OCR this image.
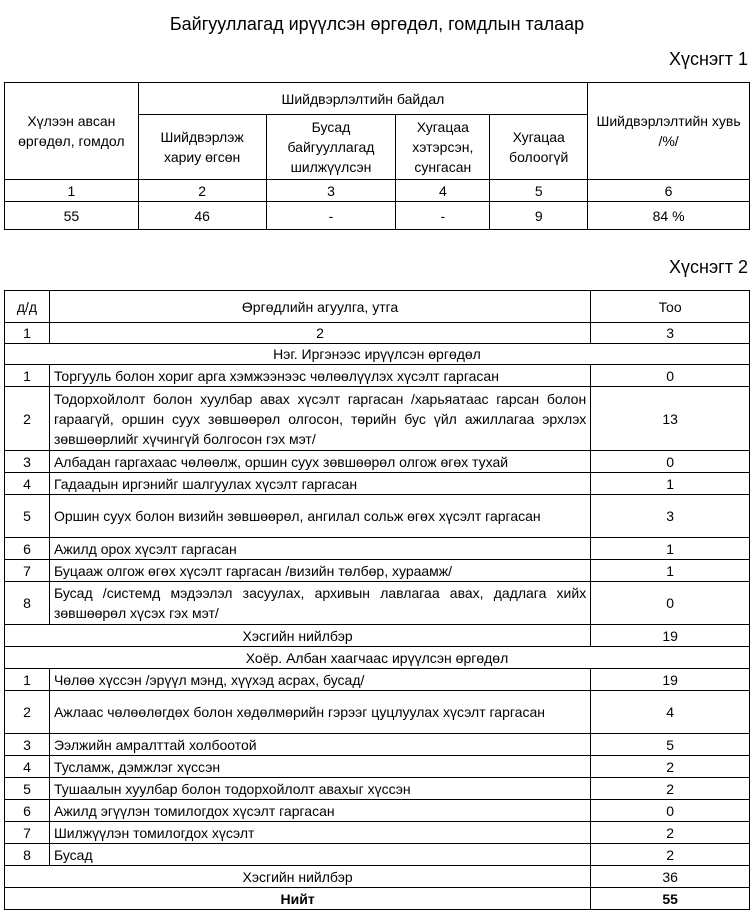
Байгууллагад ирүүлсэн өргөдөл, гомдлын талаар
Хүснэгт 1
Хүлээн авсан өргөдөл, гомдол	Шийдвэрлэлтийн байдал				Шийдвэрлэлтийн хувь /%/
	Шийдвэрлэж хариу өгсөн	Бусад байгууллагад шилжүүлсэн	Хугацаа хэтэрсэн, сунгасан	Хугацаа болоогүй	
1	2	3	4	5	6
55	46	-	-	9	84 %
Хүснэгт 2
д/д	Өргөдлийн агуулга, утга	Тоо
1	2	3
Нэг. Иргэнээс ирүүлсэн өргөдөл		
1	Торгууль болон хориг арга хэмжээнээс чөлөөлүүлэх хүсэлт гаргасан	0
2	Тодорхойлолт болон хуулбар авах хүсэлт гаргасан /харьяатаас гарсан болон гараагүй, оршин суух зөвшөөрөл олгосон, төрийн бус үйл ажиллагаа эрхлэх зөвшөөрлийг хүчингүй болгосон гэх мэт/	13
3	Албадан гаргахаас чөлөөлж, оршин суух зөвшөөрөл олгож өгөх тухай	0
4	Гадаадын иргэнийг шалгуулах хүсэлт гаргасан	1
5	Оршин суух болон визийн зөвшөөрөл, ангилал сольж өгөх хүсэлт гаргасан	3
6	Ажилд орох хүсэлт гаргасан	1
7	Буцааж олгож өгөх хүсэлт гаргасан /визийн төлбөр, хураамж/	1
8	Бусад /системд мэдээлэл засуулах, архивын лавлагаа авах, дадлага хийх зөвшөөрөл хүсэх гэх мэт/	0
Хэсгийн нийлбэр		19
Хоёр. Албан хаагчаас ирүүлсэн өргөдөл		
1	Чөлөө хүссэн /эрүүл мэнд, хүүхэд асрах, бусад/	19
2	Ажлаас чөлөөлөгдөх болон хөдөлмөрийн гэрээг цуцлуулах хүсэлт гаргасан	4
3	Ээлжийн амралттай холбоотой	5
4	Тусламж, дэмжлэг хүссэн	2
5	Тушаалын хуулбар болон тодорхойлолт авахыг хүссэн	2
6	Ажилд эгүүлэн томилогдох хүсэлт гаргасан	0
7	Шилжүүлэн томилогдох хүсэлт	2
8	Бусад	2
Хэсгийн нийлбэр		36
Нийт		55
